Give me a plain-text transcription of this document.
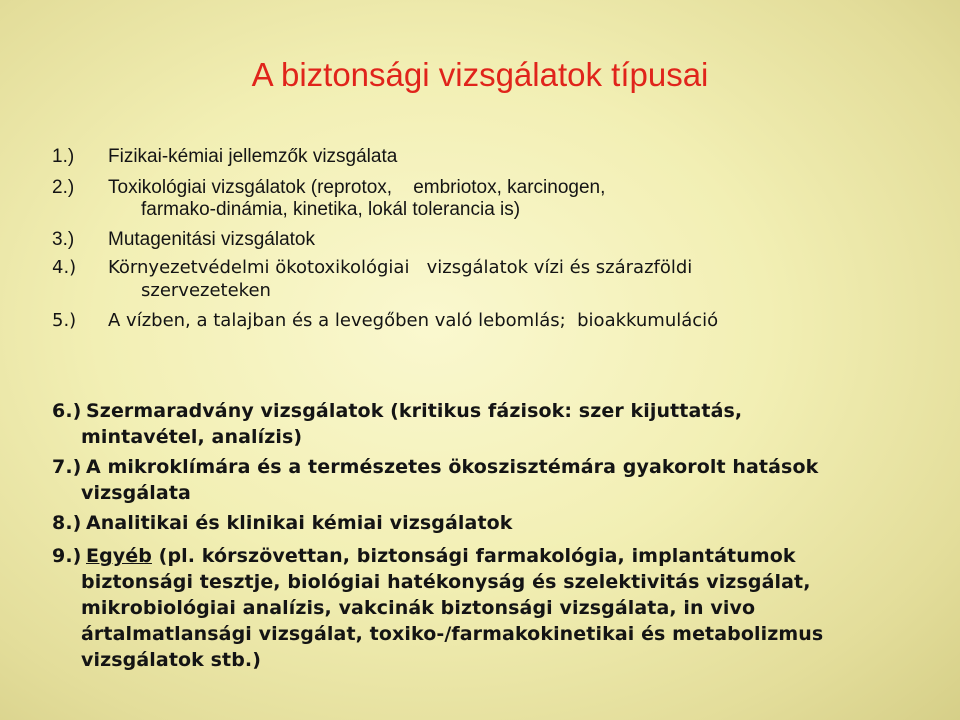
A biztonsági vizsgálatok típusai
1.) Fizikai-kémiai jellemzők vizsgálata
2.) Toxikológiai vizsgálatok (reprotox,    embriotox, karcinogen,
farmako-dinámia, kinetika, lokál tolerancia is)
3.) Mutagenitási vizsgálatok
4.) Környezetvédelmi ökotoxikológiai   vizsgálatok vízi és szárazföldi
szervezeteken
5.) A vízben, a talajban és a levegőben való lebomlás;  bioakkumuláció
6.) Szermaradvány vizsgálatok (kritikus fázisok: szer kijuttatás,
mintavétel, analízis)
7.) A mikroklímára és a természetes ökoszisztémára gyakorolt hatások
vizsgálata
8.) Analitikai és klinikai kémiai vizsgálatok
9.) Egyéb (pl. kórszövettan, biztonsági farmakológia, implantátumok
biztonsági tesztje, biológiai hatékonyság és szelektivitás vizsgálat,
mikrobiológiai analízis, vakcinák biztonsági vizsgálata, in vivo
ártalmatlansági vizsgálat, toxiko-/farmakokinetikai és metabolizmus
vizsgálatok stb.)
